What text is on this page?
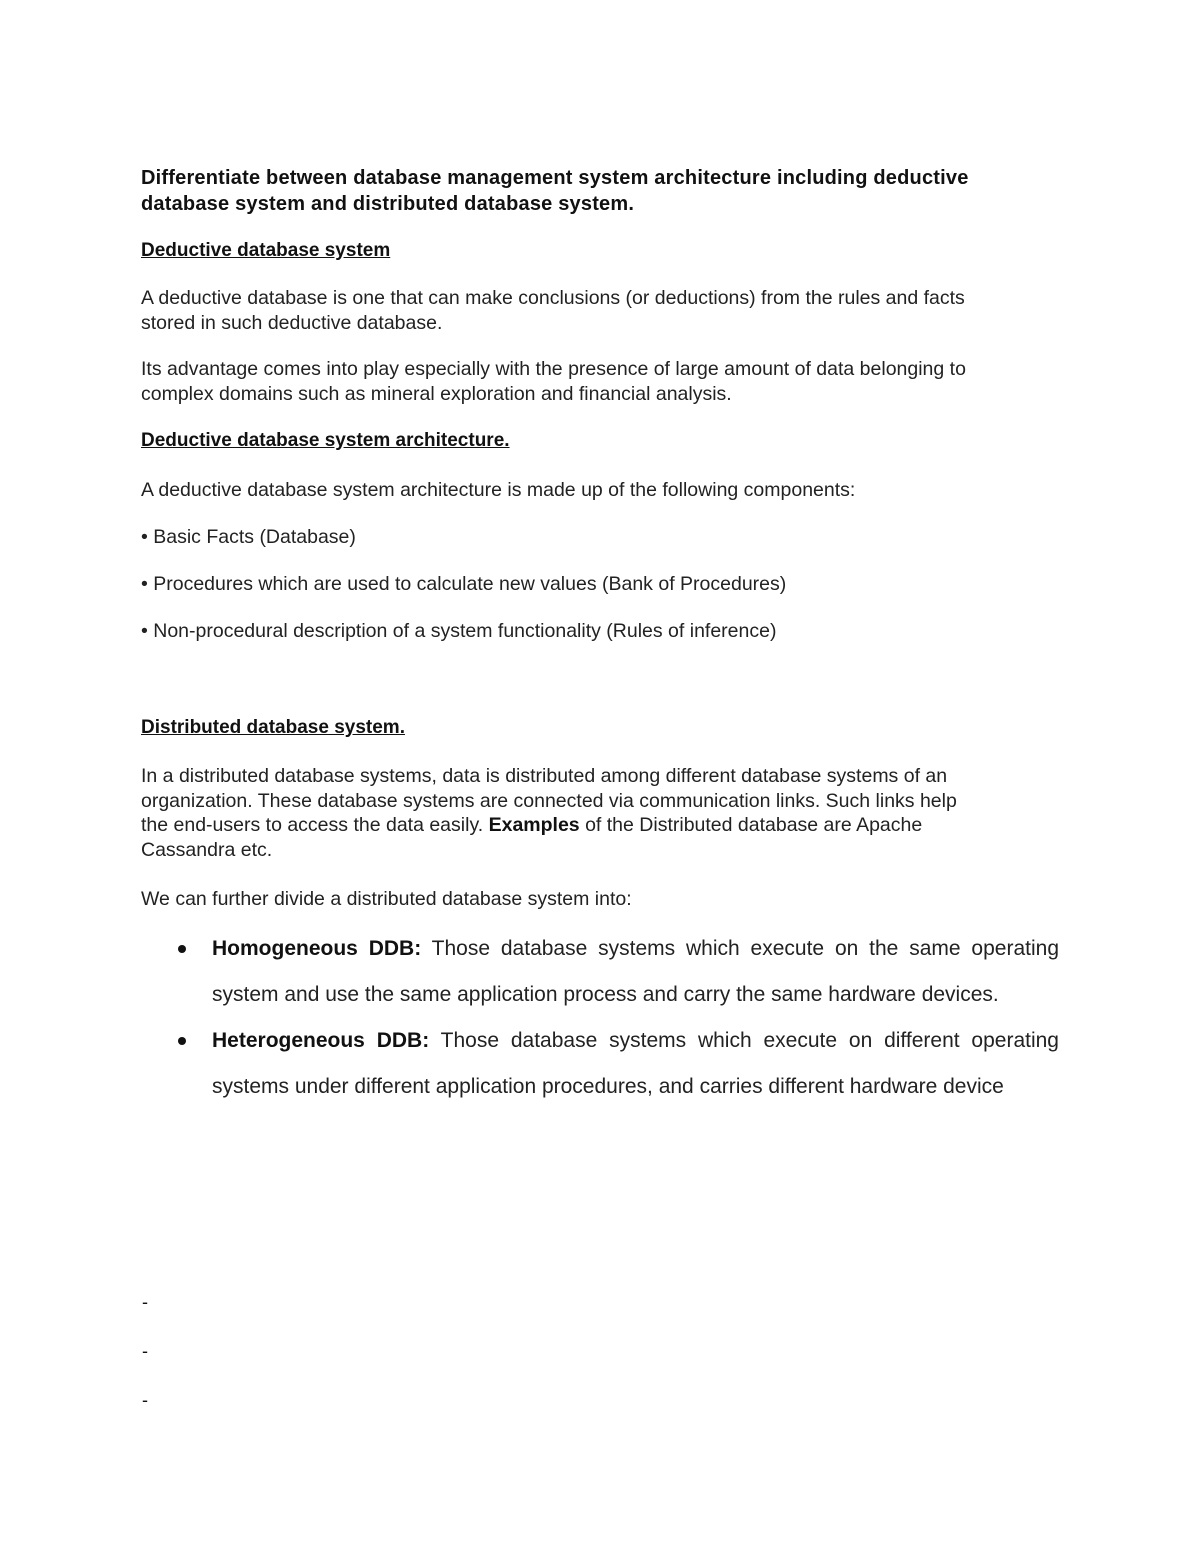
Differentiate between database management system architecture including deductive
database system and distributed database system.
Deductive database system
A deductive database is one that can make conclusions (or deductions) from the rules and facts
stored in such deductive database.
Its advantage comes into play especially with the presence of large amount of data belonging to
complex domains such as mineral exploration and financial analysis.
Deductive database system architecture.
A deductive database system architecture is made up of the following components:
• Basic Facts (Database)
• Procedures which are used to calculate new values (Bank of Procedures)
• Non-procedural description of a system functionality (Rules of inference)
Distributed database system.
In a distributed database systems, data is distributed among different database systems of an
organization. These database systems are connected via communication links. Such links help
the end-users to access the data easily. Examples of the Distributed database are Apache
Cassandra etc.
We can further divide a distributed database system into:
Homogeneous DDB: Those database systems which execute on the same operating system and use the same application process and carry the same hardware devices.
Heterogeneous DDB: Those database systems which execute on different operating systems under different application procedures, and carries different hardware device
-
-
-
